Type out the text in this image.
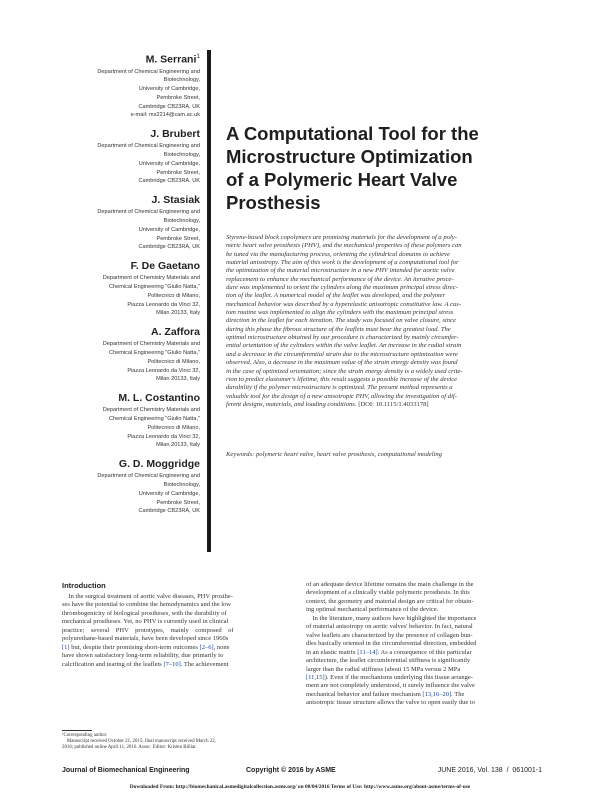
M. Serrani$^1$
Department of Chemical Engineering and
Biotechnology,
University of Cambridge,
Pembroke Street,
Cambridge CB23RA, UK
e-mail: ms2214@cam.ac.uk
J. Brubert
Department of Chemical Engineering and
Biotechnology,
University of Cambridge,
Pembroke Street,
Cambridge CB23RA, UK
J. Stasiak
Department of Chemical Engineering and
Biotechnology,
University of Cambridge,
Pembroke Street,
Cambridge CB23RA, UK
F. De Gaetano
Department of Chemistry Materials and
Chemical Engineering "Giulio Natta,"
Politecnico di Milano,
Piazza Leonardo da Vinci 32,
Milan 20133, Italy
A. Zaffora
Department of Chemistry Materials and
Chemical Engineering "Giulio Natta,"
Politecnico di Milano,
Piazza Leonardo da Vinci 32,
Milan 20133, Italy
M. L. Costantino
Department of Chemistry Materials and
Chemical Engineering "Giulio Natta,"
Politecnico di Milano,
Piazza Leonardo da Vinci 32,
Milan 20133, Italy
G. D. Moggridge
Department of Chemical Engineering and
Biotechnology,
University of Cambridge,
Pembroke Street,
Cambridge CB23RA, UK
A Computational Tool for the
Microstructure Optimization
of a Polymeric Heart Valve
Prosthesis
Styrene-based block copolymers are promising materials for the development of a poly-
meric heart valve prosthesis (PHV), and the mechanical properties of these polymers can
be tuned via the manufacturing process, orienting the cylindrical domains to achieve
material anisotropy. The aim of this work is the development of a computational tool for
the optimization of the material microstructure in a new PHV intended for aortic valve
replacement to enhance the mechanical performance of the device. An iterative proce-
dure was implemented to orient the cylinders along the maximum principal stress direc-
tion of the leaflet. A numerical model of the leaflet was developed, and the polymer
mechanical behavior was described by a hyperelastic anisotropic constitutive law. A cus-
tom routine was implemented to align the cylinders with the maximum principal stress
direction in the leaflet for each iteration. The study was focused on valve closure, since
during this phase the fibrous structure of the leaflets must bear the greatest load. The
optimal microstructure obtained by our procedure is characterized by mainly circumfer-
ential orientation of the cylinders within the valve leaflet. An increase in the radial strain
and a decrease in the circumferential strain due to the microstructure optimization were
observed. Also, a decrease in the maximum value of the strain energy density was found
in the case of optimized orientation; since the strain energy density is a widely used crite-
rion to predict elastomer's lifetime, this result suggests a possible increase of the device
durability if the polymer microstructure is optimized. The present method represents a
valuable tool for the design of a new anisotropic PHV, allowing the investigation of dif-
ferent designs, materials, and loading conditions. [DOI: 10.1115/1.4033178]
Keywords: polymeric heart valve, heart valve prosthesis, computational modeling
Introduction
In the surgical treatment of aortic valve diseases, PHV prosthe-
ses have the potential to combine the hemodynamics and the low
thrombogenicity of biological prostheses, with the durability of
mechanical prostheses. Yet, no PHV is currently used in clinical
practice;    several    PHV    prototypes,    mainly    composed    of
polyurethane-based materials, have been developed since 1960s
[1] but, despite their promising short-term outcomes [2–6], none
have shown satisfactory long-term reliability, due primarily to
calcification and tearing of the leaflets [7–10]. The achievement
¹Corresponding author.
Manuscript received October 21, 2015; final manuscript received March 22,
2016; published online April 11, 2016. Assoc. Editor: Kristen Billiar.
of an adequate device lifetime remains the main challenge in the
development of a clinically viable polymeric prosthesis. In this
context, the geometry and material design are critical for obtain-
ing optimal mechanical performance of the device.
In the literature, many authors have highlighted the importance
of material anisotropy on aortic valves' behavior. In fact, natural
valve leaflets are characterized by the presence of collagen bun-
dles basically oriented in the circumferential direction, embedded
in an elastic matrix [11–14]. As a consequence of this particular
architecture, the leaflet circumferential stiffness is significantly
larger than the radial stiffness (about 15 MPa versus 2 MPa
[11,15]). Even if the mechanisms underlying this tissue arrange-
ment are not completely understood, it surely influence the valve
mechanical behavior and failure mechanism [13,16–20]. The
anisotropic tissue structure allows the valve to open easily due to
Journal of Biomechanical Engineering	Copyright © 2016 by ASME	JUNE 2016, Vol. 138  /  061001-1
Downloaded From: http://biomechanical.asmedigitalcollection.asme.org/ on 08/04/2016 Terms of Use: http://www.asme.org/about-asme/terms-of-use
